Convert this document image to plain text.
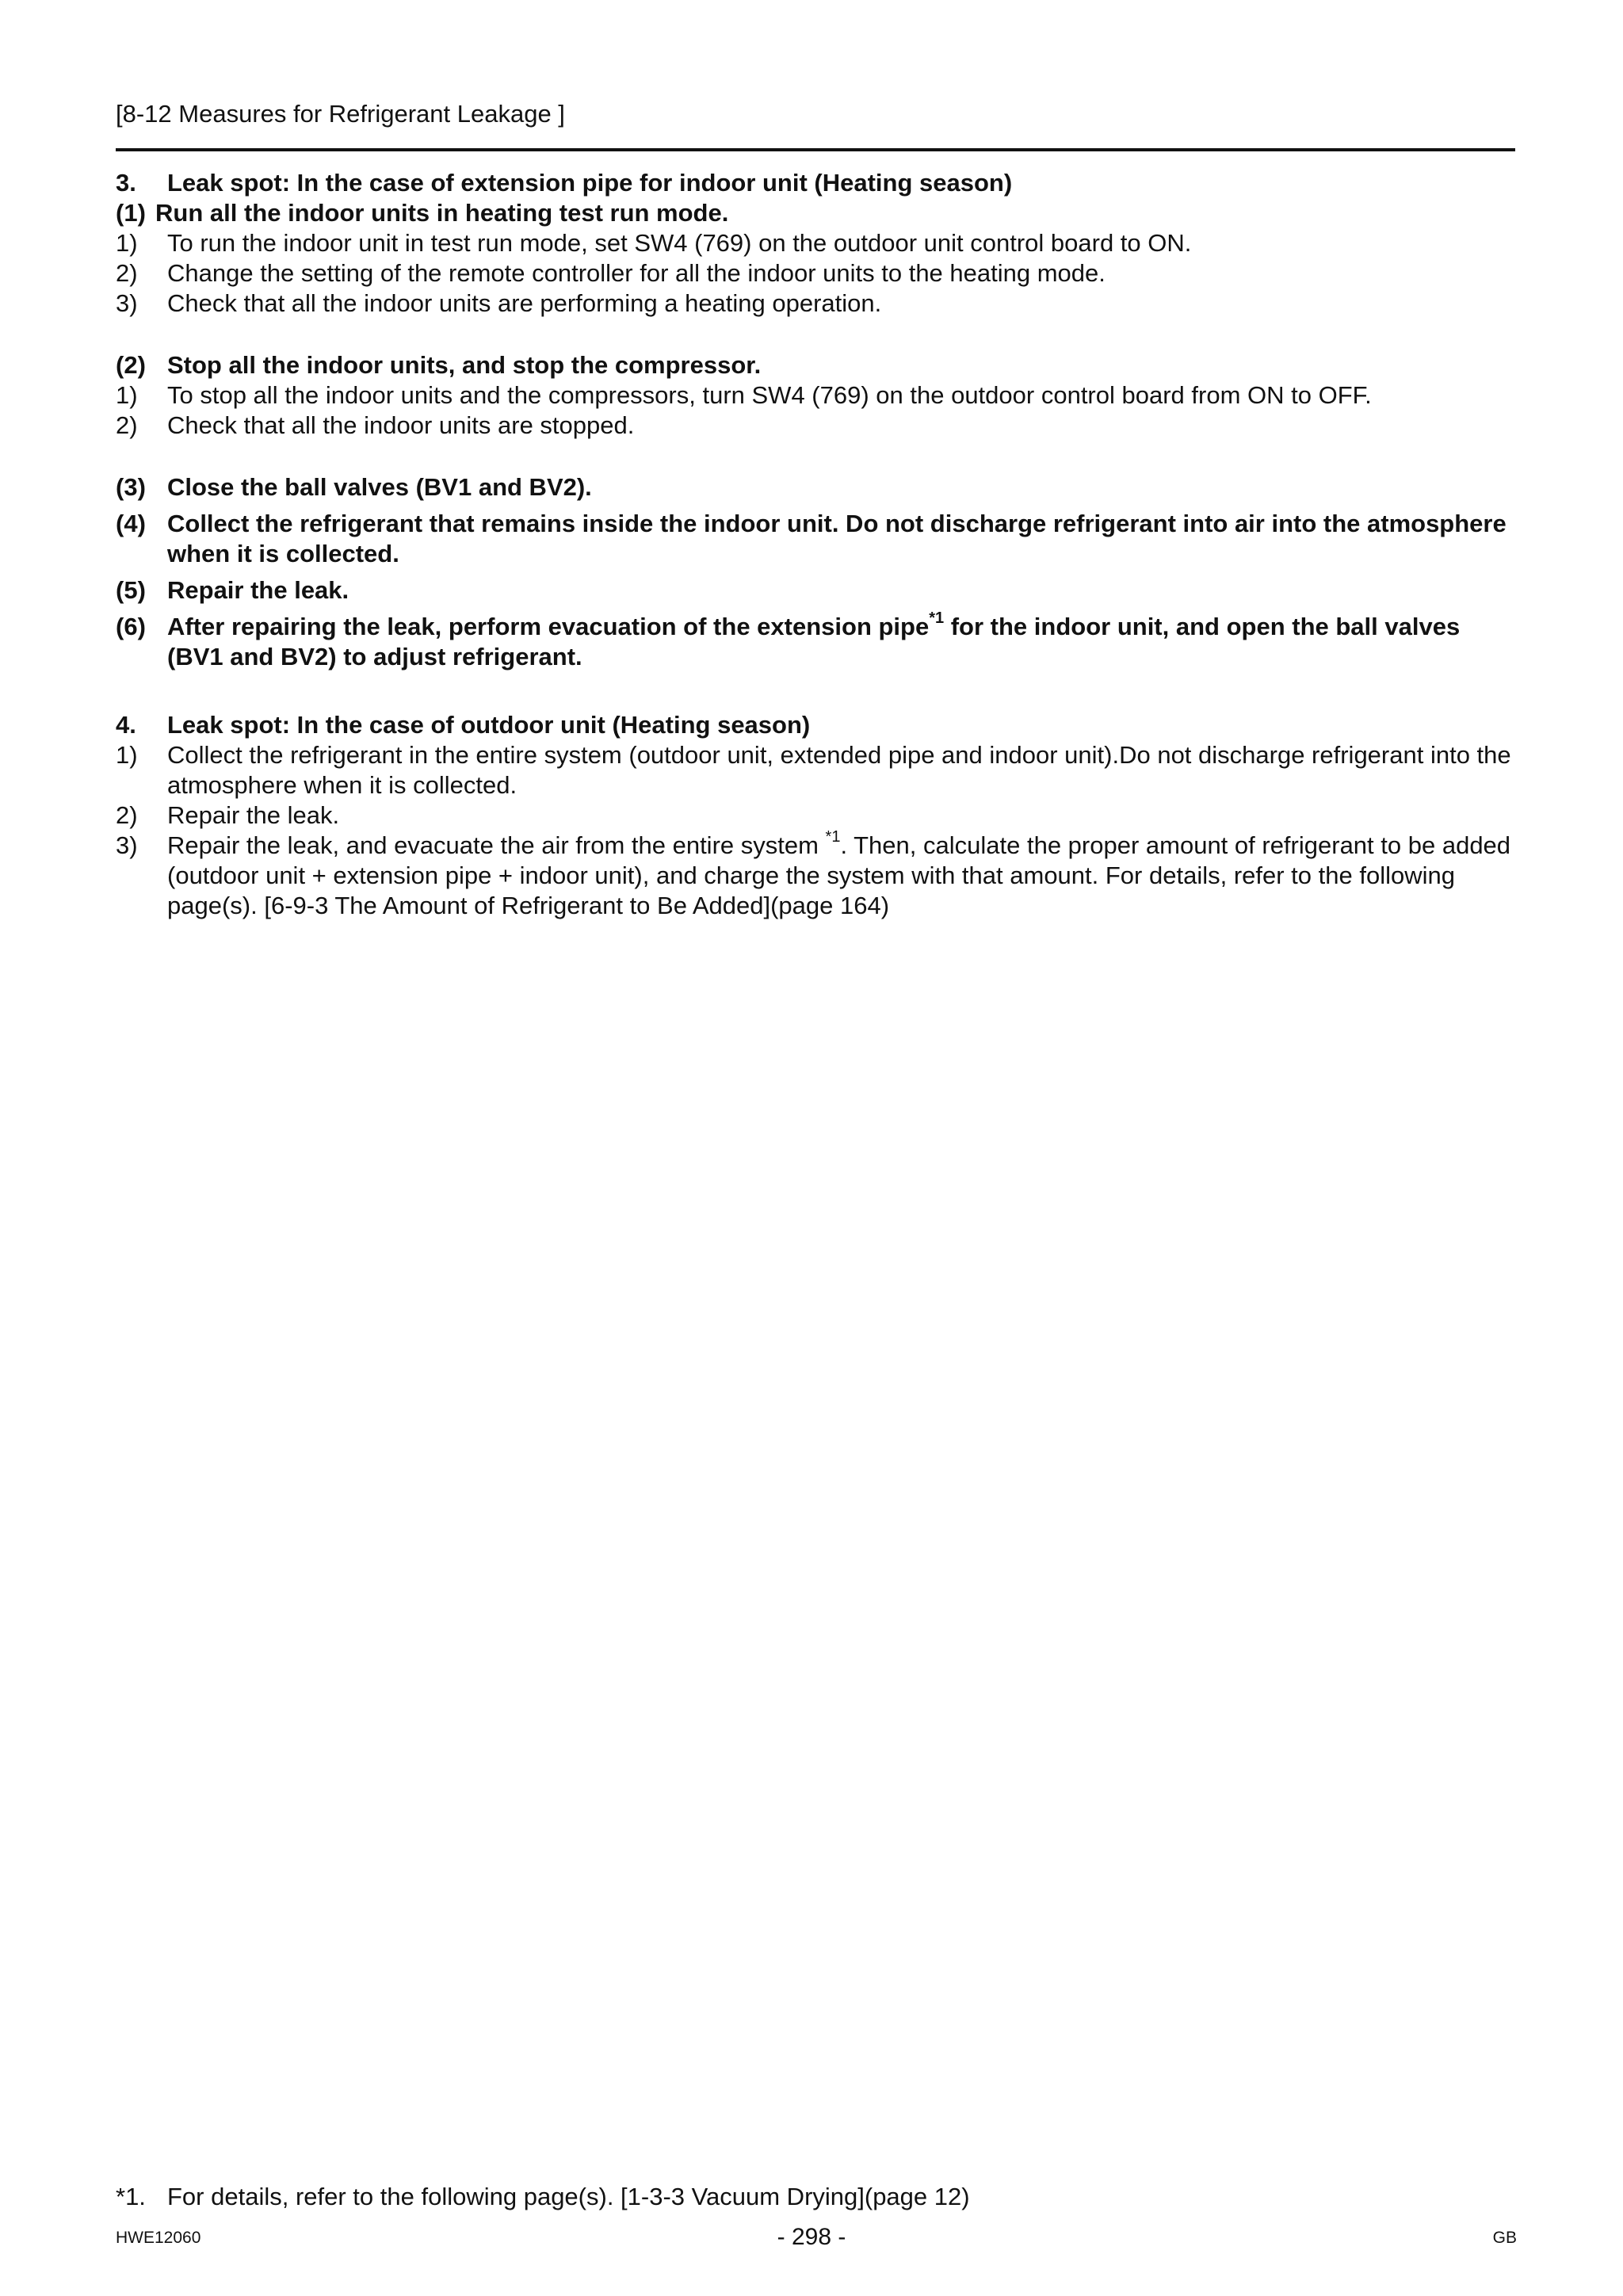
[8-12 Measures for Refrigerant Leakage ]
3.	Leak spot: In the case of extension pipe for indoor unit (Heating season)
(1) Run all the indoor units in heating test run mode.
1)	To run the indoor unit in test run mode, set SW4 (769) on the outdoor unit control board to ON.
2)	Change the setting of the remote controller for all the indoor units to the heating mode.
3)	Check that all the indoor units are performing a heating operation.
(2) Stop all the indoor units, and stop the compressor.
1)	To stop all the indoor units and the compressors, turn SW4 (769) on the outdoor control board from ON to OFF.
2)	Check that all the indoor units are stopped.
(3) Close the ball valves (BV1 and BV2).
(4) Collect the refrigerant that remains inside the indoor unit. Do not discharge refrigerant into air into the atmosphere when it is collected.
(5) Repair the leak.
(6) After repairing the leak, perform evacuation of the extension pipe$^{*1}$ for the indoor unit, and open the ball valves (BV1 and BV2) to adjust refrigerant.
4.	Leak spot: In the case of outdoor unit (Heating season)
1)	Collect the refrigerant in the entire system (outdoor unit, extended pipe and indoor unit).Do not discharge refrigerant into the atmosphere when it is collected.
2)	Repair the leak.
3)	Repair the leak, and evacuate the air from the entire system $^{*1}$. Then, calculate the proper amount of refrigerant to be added (outdoor unit + extension pipe + indoor unit), and charge the system with that amount. For details, refer to the following page(s). [6-9-3 The Amount of Refrigerant to Be Added](page 164)
*1. For details, refer to the following page(s). [1-3-3 Vacuum Drying](page 12)
HWE12060	- 298 -	GB
